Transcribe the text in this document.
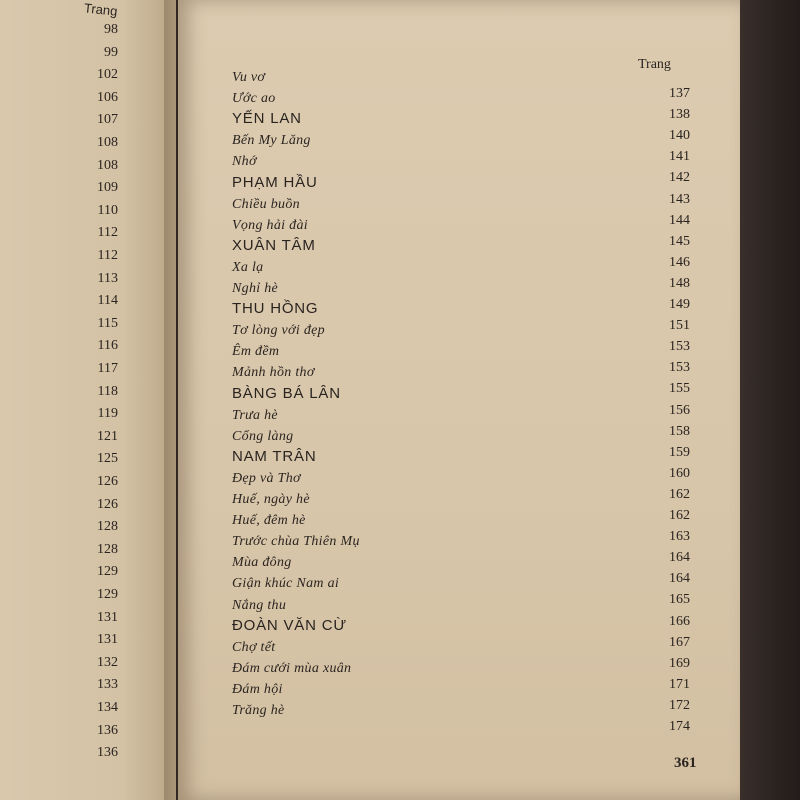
Trang
98
99
102
106
107
108
108
109
110
112
112
113
114
115
116
117
118
119
121
125
126
126
128
128
129
129
131
131
132
133
134
136
136
Trang
Vu vơ
137
Ước ao
138
YẾN LAN
140
Bến My Lăng
141
Nhớ
142
PHẠM HẦU
143
Chiều buồn
144
Vọng hải đài
145
XUÂN TÂM
146
Xa lạ
148
Nghỉ hè
149
THU HỒNG
151
Tơ lòng với đẹp
153
Êm đềm
153
Mảnh hồn thơ
155
BÀNG BÁ LÂN
156
Trưa hè
158
Cổng làng
159
NAM TRÂN
160
Đẹp và Thơ
162
Huế, ngày hè
162
Huế, đêm hè
163
Trước chùa Thiên Mụ
164
Mùa đông
164
Giận khúc Nam ai
165
Nắng thu
166
ĐOÀN VĂN CỪ
167
Chợ tết
169
Đám cưới mùa xuân
171
Đám hội
172
Trăng hè
174
361
